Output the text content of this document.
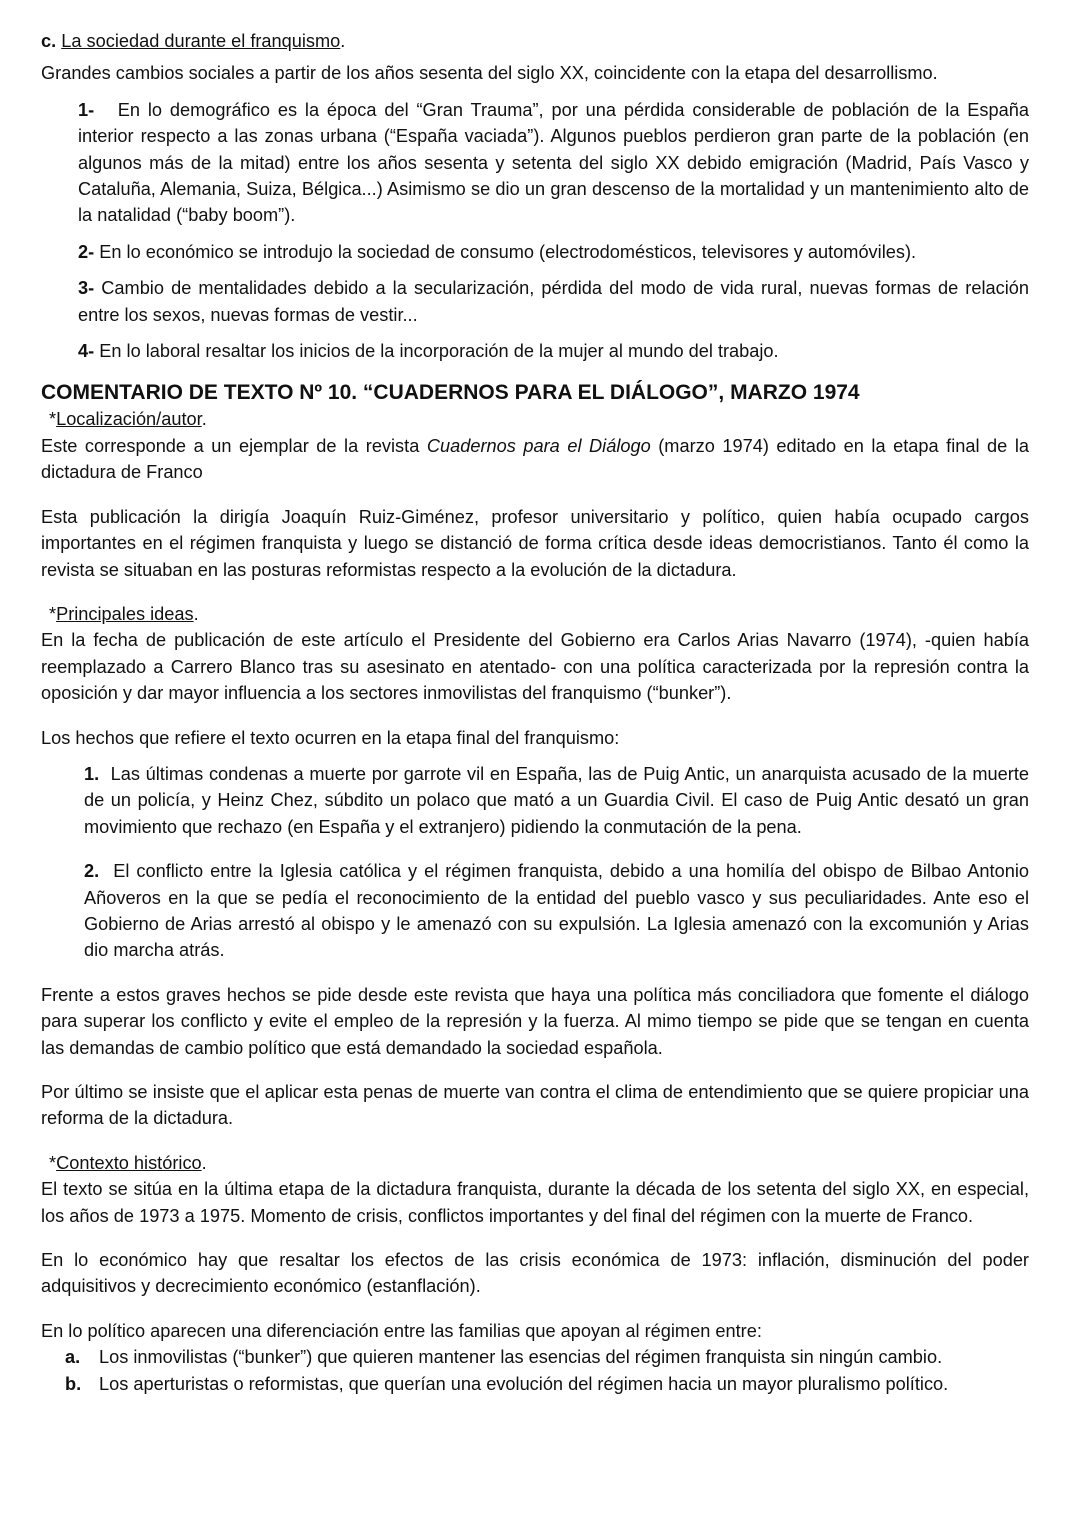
c. La sociedad durante el franquismo.

Grandes cambios sociales a partir de los años sesenta del siglo XX, coincidente con la etapa del desarrollismo.

1- En lo demográfico es la época del “Gran Trauma”, por una pérdida considerable de población de la España interior respecto a las zonas urbana (“España vaciada”). Algunos pueblos perdieron gran parte de la población (en algunos más de la mitad) entre los años sesenta y setenta del siglo XX debido emigración (Madrid, País Vasco y Cataluña, Alemania, Suiza, Bélgica...) Asimismo se dio un gran descenso de la mortalidad y un mantenimiento alto de la natalidad (“baby boom”).

2- En lo económico se introdujo la sociedad de consumo (electrodomésticos, televisores y automóviles).

3- Cambio de mentalidades debido a la secularización, pérdida del modo de vida rural, nuevas formas de relación entre los sexos, nuevas formas de vestir...

4- En lo laboral resaltar los inicios de la incorporación de la mujer al mundo del trabajo.

COMENTARIO DE TEXTO Nº 10. “CUADERNOS PARA EL DIÁLOGO”, MARZO 1974

*Localización/autor.

Este corresponde a un ejemplar de la revista Cuadernos para el Diálogo (marzo 1974) editado en la etapa final de la dictadura de Franco

Esta publicación la dirigía Joaquín Ruiz-Giménez, profesor universitario y político, quien había ocupado cargos importantes en el régimen franquista y luego se distanció de forma crítica desde ideas democristianos. Tanto él como la revista se situaban en las posturas reformistas respecto a la evolución de la dictadura.

*Principales ideas.

En la fecha de publicación de este artículo el Presidente del Gobierno era Carlos Arias Navarro (1974), -quien había reemplazado a Carrero Blanco tras su asesinato en atentado- con una política caracterizada por la represión contra la oposición y dar mayor influencia a los sectores inmovilistas del franquismo (“bunker”).

Los hechos que refiere el texto ocurren en la etapa final del franquismo:

1. Las últimas condenas a muerte por garrote vil en España, las de Puig Antic, un anarquista acusado de la muerte de un policía, y Heinz Chez, súbdito un polaco que mató a un Guardia Civil. El caso de Puig Antic desató un gran movimiento que rechazo (en España y el extranjero) pidiendo la conmutación de la pena.

2. El conflicto entre la Iglesia católica y el régimen franquista, debido a una homilía del obispo de Bilbao Antonio Añoveros en la que se pedía el reconocimiento de la entidad del pueblo vasco y sus peculiaridades. Ante eso el Gobierno de Arias arrestó al obispo y le amenazó con su expulsión. La Iglesia amenazó con la excomunión y Arias dio marcha atrás.

Frente a estos graves hechos se pide desde este revista que haya una política más conciliadora que fomente el diálogo para superar los conflicto y evite el empleo de la represión y la fuerza. Al mimo tiempo se pide que se tengan en cuenta las demandas de cambio político que está demandado la sociedad española.

Por último se insiste que el aplicar esta penas de muerte van contra el clima de entendimiento que se quiere propiciar una reforma de la dictadura.

*Contexto histórico.

El texto se sitúa en la última etapa de la dictadura franquista, durante la década de los setenta del siglo XX, en especial, los años de 1973 a 1975. Momento de crisis, conflictos importantes y del final del régimen con la muerte de Franco.

En lo económico hay que resaltar los efectos de las crisis económica de 1973: inflación, disminución del poder adquisitivos y decrecimiento económico (estanflación).

En lo político aparecen una diferenciación entre las familias que apoyan al régimen entre:

a.	Los inmovilistas (“bunker”) que quieren mantener las esencias del régimen franquista sin ningún cambio.
b. Los aperturistas o reformistas, que querían una evolución del régimen hacia un mayor pluralismo político.
